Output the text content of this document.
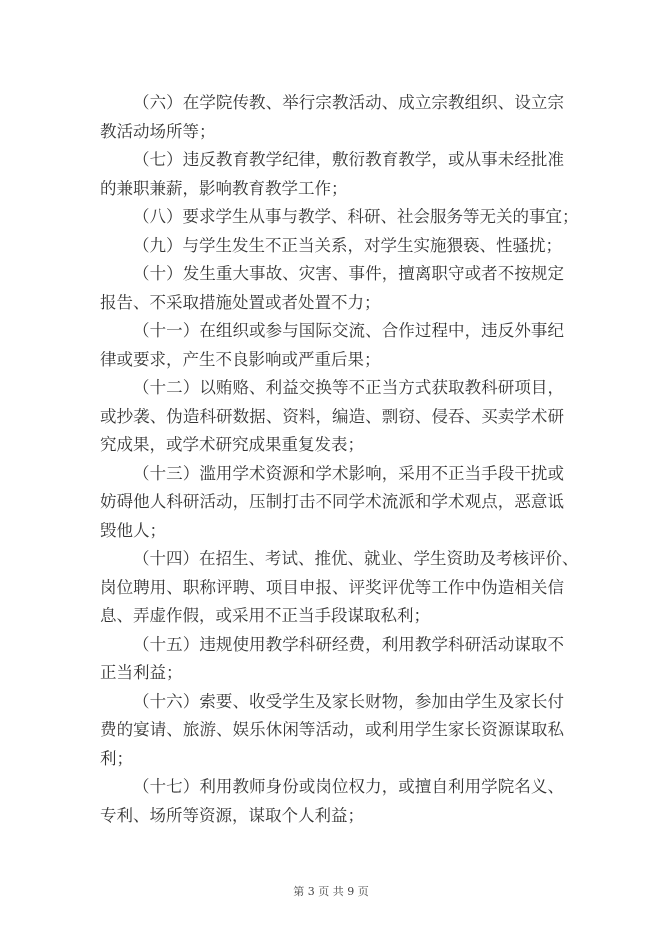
（六）在学院传教、举行宗教活动、成立宗教组织、设立宗
教活动场所等；
（七）违反教育教学纪律，敷衍教育教学，或从事未经批准
的兼职兼薪，影响教育教学工作；
（八）要求学生从事与教学、科研、社会服务等无关的事宜；
（九）与学生发生不正当关系，对学生实施猥亵、性骚扰；
（十）发生重大事故、灾害、事件，擅离职守或者不按规定
报告、不采取措施处置或者处置不力；
（十一）在组织或参与国际交流、合作过程中，违反外事纪
律或要求，产生不良影响或严重后果；
（十二）以贿赂、利益交换等不正当方式获取教科研项目，
或抄袭、伪造科研数据、资料，编造、剽窃、侵吞、买卖学术研
究成果，或学术研究成果重复发表；
（十三）滥用学术资源和学术影响，采用不正当手段干扰或
妨碍他人科研活动，压制打击不同学术流派和学术观点，恶意诋
毁他人；
（十四）在招生、考试、推优、就业、学生资助及考核评价、
岗位聘用、职称评聘、项目申报、评奖评优等工作中伪造相关信
息、弄虚作假，或采用不正当手段谋取私利；
（十五）违规使用教学科研经费，利用教学科研活动谋取不
正当利益；
（十六）索要、收受学生及家长财物，参加由学生及家长付
费的宴请、旅游、娱乐休闲等活动，或利用学生家长资源谋取私
利；
（十七）利用教师身份或岗位权力，或擅自利用学院名义、
专利、场所等资源，谋取个人利益；
第 3 页 共 9 页
